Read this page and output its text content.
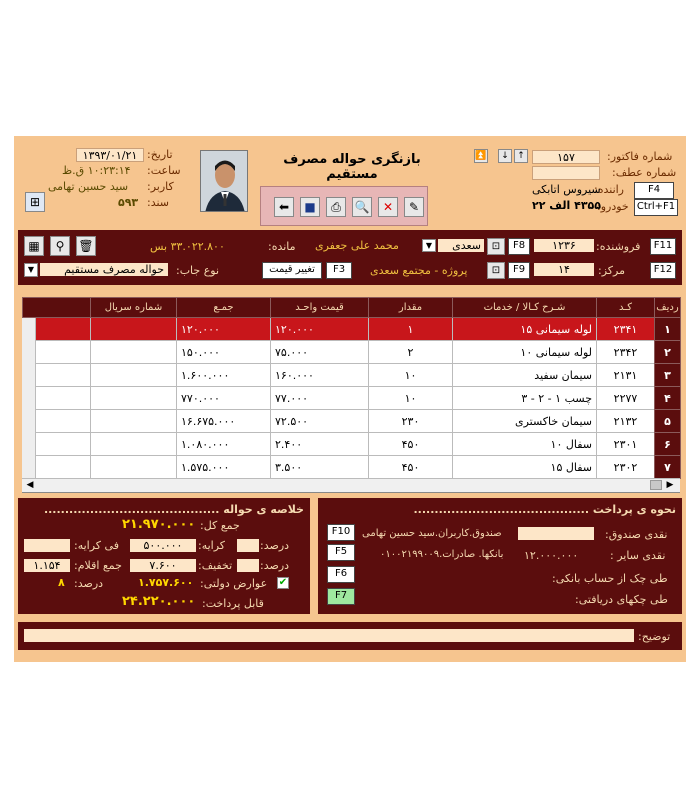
تاریخ:
۱۳۹۳/۰۱/۲۱
ساعت:
۱۰:۲۳:۱۴ ق.ظ
کاربر:
سید حسین تهامی
سند:
۵۹۳
⊞
بازنگری حواله مصرف مستقیم
⬅	■	⎙	🔍	✕	✎
⏫	↓ ↑	۱۵۷	شماره فاکتور:
شماره عطف:
F4
راننده:
سیروس اتابکی
Ctrl+F1
خودرو:
۴۳۵۵ الف ۲۲
▦	⚲	🗑	F11
فروشنده:
۱۲۳۶
F8
⊡
سعدی
▼
محمد علی جعفری
مانده:
۳۳.۰۲۲.۸۰۰ بس
F12
مرکز:
۱۴
F9
⊡
پروژه - مجتمع سعدی
F3
تغییر قیمت
نوع جاب:
حواله مصرف مستقیم
▼
ردیف	کـد	شـرح کـالا / خدمات	مقدار	قیمت واحـد	جمـع	شماره سریال	
۱	۲۳۴۱	لوله سیمانی ۱۵	۱	۱۲۰.۰۰۰	۱۲۰.۰۰۰		
۲	۲۳۴۲	لوله سیمانی ۱۰	۲	۷۵.۰۰۰	۱۵۰.۰۰۰		
۳	۲۱۳۱	سیمان سفید	۱۰	۱۶۰.۰۰۰	۱.۶۰۰.۰۰۰		
۴	۲۲۷۷	چسب ۱ - ۲ - ۳	۱۰	۷۷.۰۰۰	۷۷۰.۰۰۰		
۵	۲۱۳۲	سیمان خاکستری	۲۳۰	۷۲.۵۰۰	۱۶.۶۷۵.۰۰۰		
۶	۲۳۰۱	سفال ۱۰	۴۵۰	۲.۴۰۰	۱.۰۸۰.۰۰۰		
۷	۲۳۰۲	سفال ۱۵	۴۵۰	۳.۵۰۰	۱.۵۷۵.۰۰۰		
◀	▶
خلاصه ی حواله ..........................................
جمع کل:
۲۱.۹۷۰.۰۰۰
درصد:
کرایه:
۵۰۰.۰۰۰
فی کرایه:
درصد:
تخفیف:
۷.۶۰۰
جمع اقلام:
۱.۱۵۴
✔
عوارض دولتی:
۱.۷۵۷.۶۰۰
درصد:
۸
قابل پرداخت:
۲۴.۲۲۰.۰۰۰
نحوه ی پرداخت ..........................................
نقدی صندوق:
F10	صندوق.کاربران.سید حسین تهامی
نقدی سایر :
۱۲.۰۰۰.۰۰۰
F5	بانکها. صادرات.۰۱۰۰۲۱۹۹۰۰۹
طی چک از حساب بانکی:
F6
طی چکهای دریافتی:
F7
توضیح:
